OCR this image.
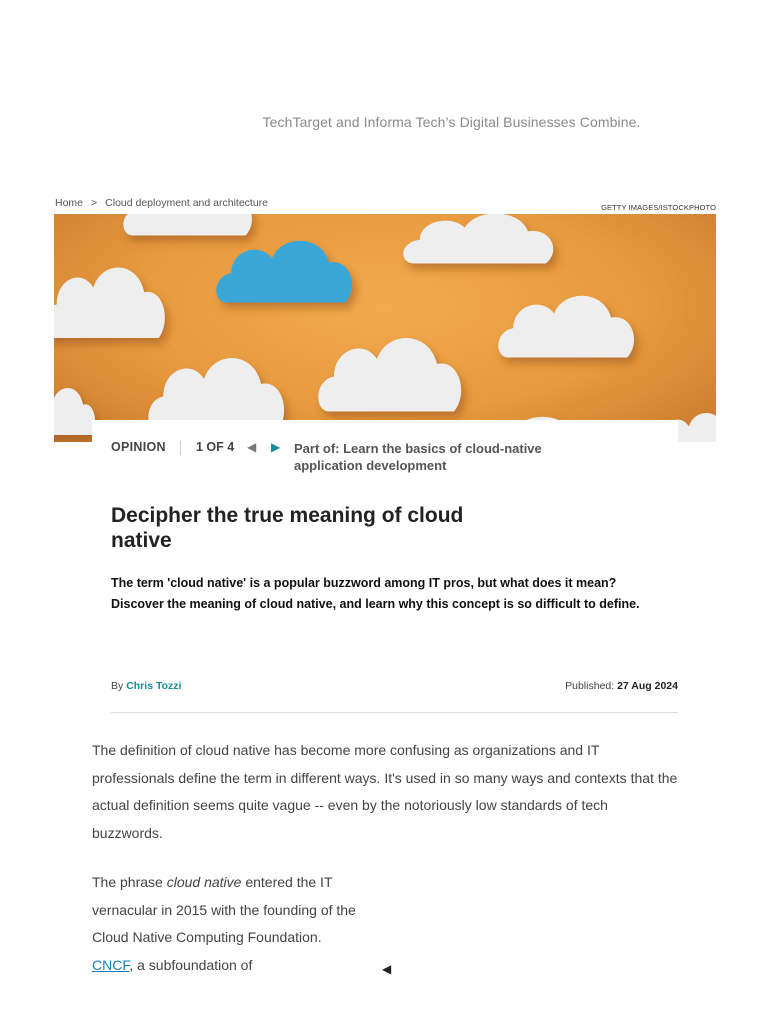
TechTarget and Informa Tech’s Digital Businesses Combine.
Home > Cloud deployment and architecture	GETTY IMAGES/ISTOCKPHOTO
OPINION 1 OF 4 ◀ ▶ Part of: Learn the basics of cloud-native application development
Decipher the true meaning of cloud native

The term 'cloud native' is a popular buzzword among IT pros, but what does it mean? Discover the meaning of cloud native, and learn why this concept is so difficult to define.

By Chris Tozzi	Published: 27 Aug 2024

The definition of cloud native has become more confusing as organizations and IT professionals define the term in different ways. It's used in so many ways and contexts that the actual definition seems quite vague -- even by the notoriously low standards of tech buzzwords.

The phrase cloud native entered the IT vernacular in 2015 with the founding of the Cloud Native Computing Foundation. CNCF, a subfoundation of	◀
